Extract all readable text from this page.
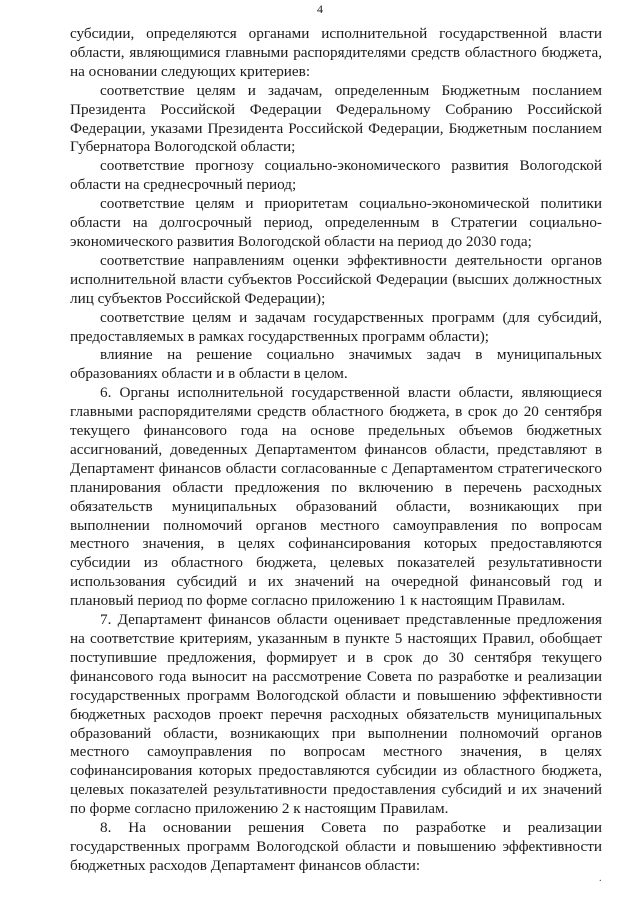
4

субсидии, определяются органами исполнительной государственной власти области, являющимися главными распорядителями средств областного бюджета, на основании следующих критериев:

соответствие целям и задачам, определенным Бюджетным посланием Президента Российской Федерации Федеральному Собранию Российской Федерации, указами Президента Российской Федерации, Бюджетным посланием Губернатора Вологодской области;

соответствие прогнозу социально-экономического развития Вологодской области на среднесрочный период;

соответствие целям и приоритетам социально-экономической политики области на долгосрочный период, определенным в Стратегии социально-экономического развития Вологодской области на период до 2030 года;

соответствие направлениям оценки эффективности деятельности органов исполнительной власти субъектов Российской Федерации (высших должностных лиц субъектов Российской Федерации);

соответствие целям и задачам государственных программ (для субсидий, предоставляемых в рамках государственных программ области);

влияние на решение социально значимых задач в муниципальных образованиях области и в области в целом.

6. Органы исполнительной государственной власти области, являющиеся главными распорядителями средств областного бюджета, в срок до 20 сентября текущего финансового года на основе предельных объемов бюджетных ассигнований, доведенных Департаментом финансов области, представляют в Департамент финансов области согласованные с Департаментом стратегического планирования области предложения по включению в перечень расходных обязательств муниципальных образований области, возникающих при выполнении полномочий органов местного самоуправления по вопросам местного значения, в целях софинансирования которых предоставляются субсидии из областного бюджета, целевых показателей результативности использования субсидий и их значений на очередной финансовый год и плановый период по форме согласно приложению 1 к настоящим Правилам.

7. Департамент финансов области оценивает представленные предложения на соответствие критериям, указанным в пункте 5 настоящих Правил, обобщает поступившие предложения, формирует и в срок до 30 сентября текущего финансового года выносит на рассмотрение Совета по разработке и реализации государственных программ Вологодской области и повышению эффективности бюджетных расходов проект перечня расходных обязательств муниципальных образований области, возникающих при выполнении полномочий органов местного самоуправления по вопросам местного значения, в целях софинансирования которых предоставляются субсидии из областного бюджета, целевых показателей результативности предоставления субсидий и их значений по форме согласно приложению 2 к настоящим Правилам.

8. На основании решения Совета по разработке и реализации государственных программ Вологодской области и повышению эффективности бюджетных расходов Департамент финансов области:

·
